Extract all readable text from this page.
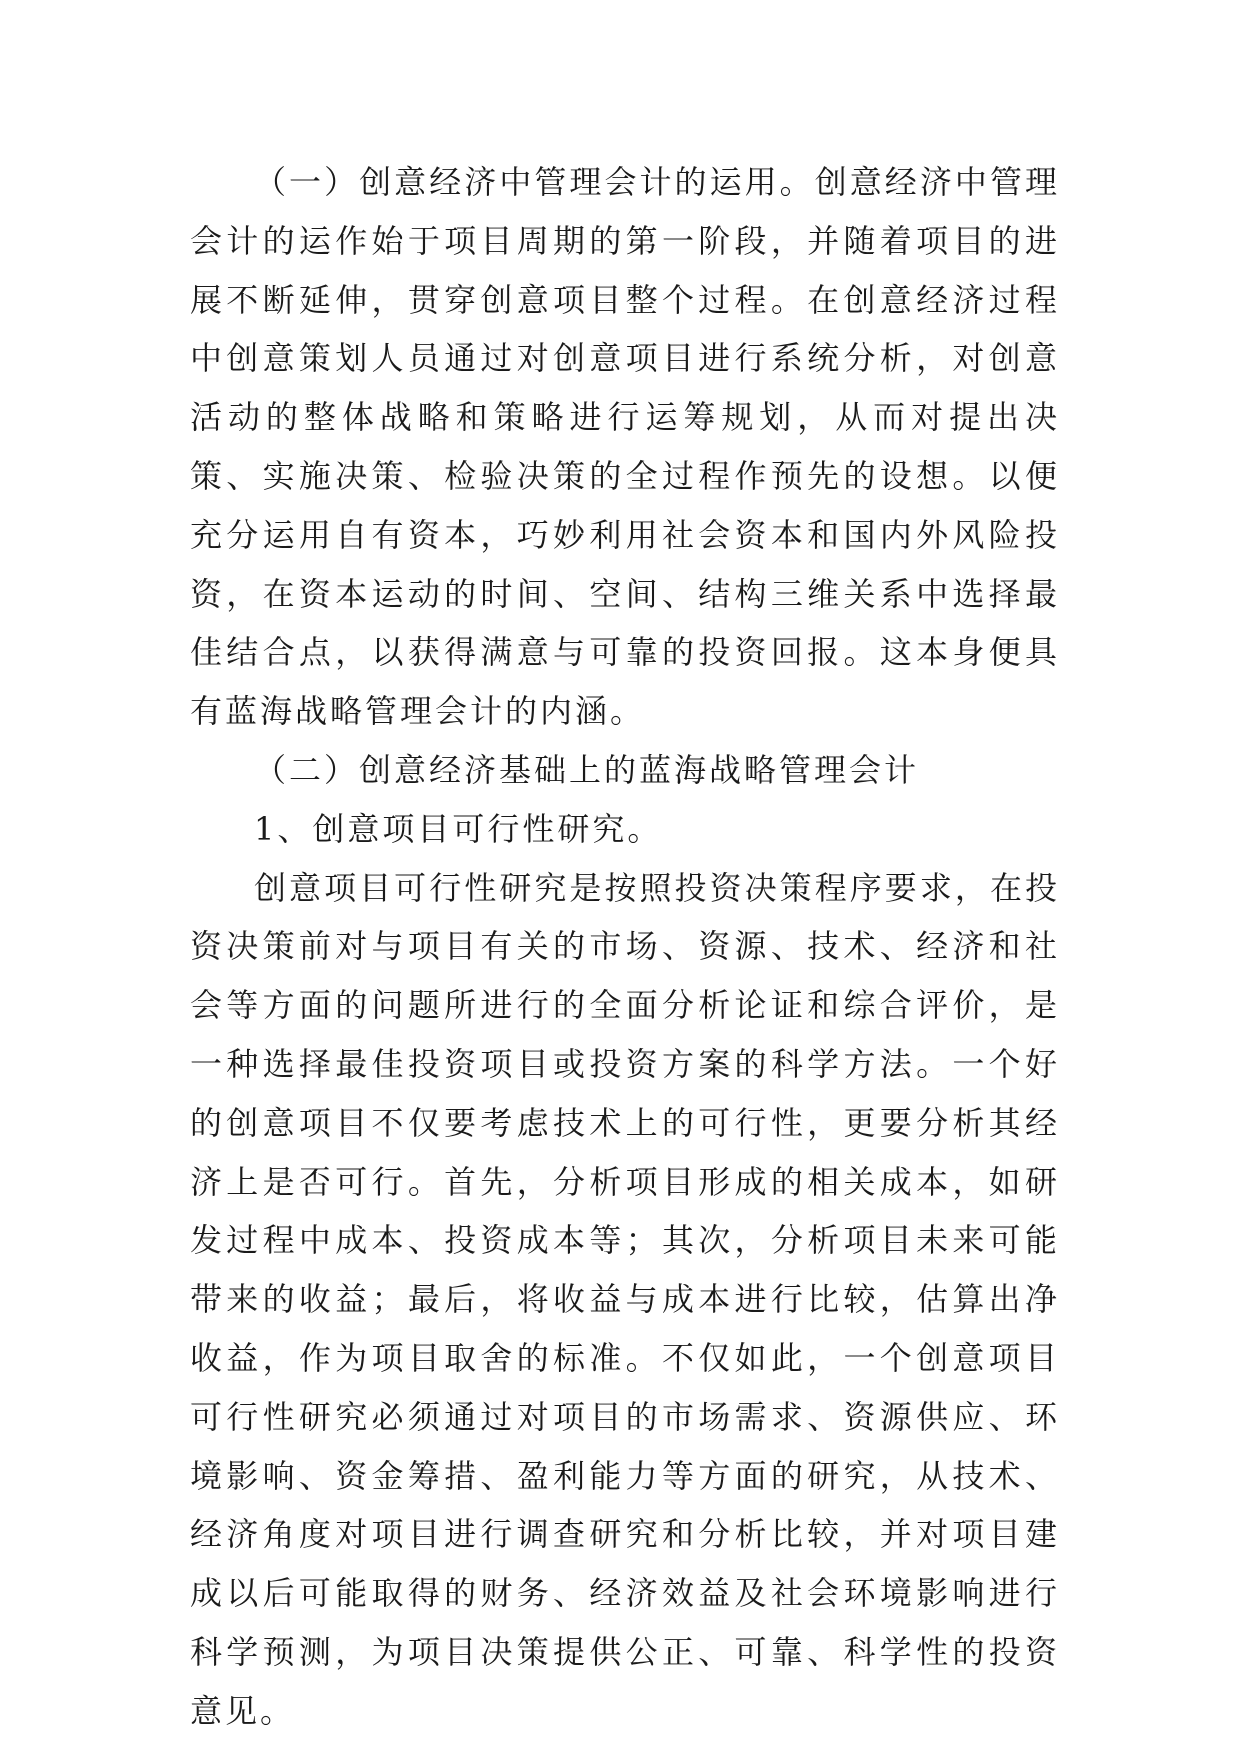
（一）创意经济中管理会计的运用。创意经济中管理会计的运作始于项目周期的第一阶段，并随着项目的进展不断延伸，贯穿创意项目整个过程。在创意经济过程中创意策划人员通过对创意项目进行系统分析，对创意活动的整体战略和策略进行运筹规划，从而对提出决策、实施决策、检验决策的全过程作预先的设想。以便充分运用自有资本，巧妙利用社会资本和国内外风险投资，在资本运动的时间、空间、结构三维关系中选择最佳结合点，以获得满意与可靠的投资回报。这本身便具有蓝海战略管理会计的内涵。

（二）创意经济基础上的蓝海战略管理会计

1、创意项目可行性研究。

创意项目可行性研究是按照投资决策程序要求，在投资决策前对与项目有关的市场、资源、技术、经济和社会等方面的问题所进行的全面分析论证和综合评价，是一种选择最佳投资项目或投资方案的科学方法。一个好的创意项目不仅要考虑技术上的可行性，更要分析其经济上是否可行。首先，分析项目形成的相关成本，如研发过程中成本、投资成本等；其次，分析项目未来可能带来的收益；最后，将收益与成本进行比较，估算出净收益，作为项目取舍的标准。不仅如此，一个创意项目可行性研究必须通过对项目的市场需求、资源供应、环境影响、资金筹措、盈利能力等方面的研究，从技术、经济角度对项目进行调查研究和分析比较，并对项目建成以后可能取得的财务、经济效益及社会环境影响进行科学预测，为项目决策提供公正、可靠、科学性的投资意见。
